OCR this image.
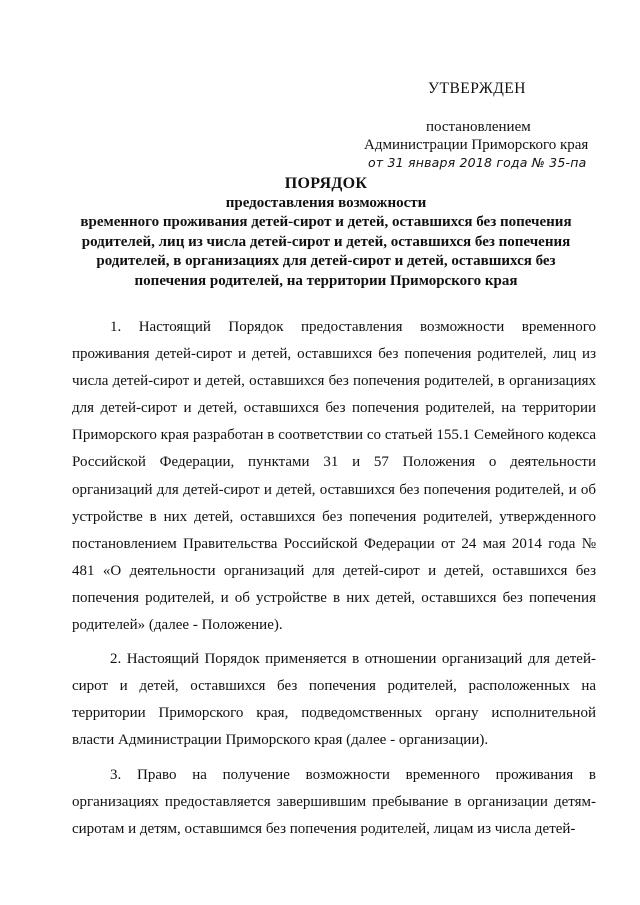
УТВЕРЖДЕН
постановлением
Администрации Приморского края
от 31 января 2018 года № 35-па
ПОРЯДОК
предоставления возможности
временного проживания детей-сирот и детей, оставшихся без попечения
родителей, лиц из числа детей-сирот и детей, оставшихся без попечения
родителей, в организациях для детей-сирот и детей, оставшихся без
попечения родителей, на территории Приморского края

1. Настоящий Порядок предоставления возможности временного проживания детей-сирот и детей, оставшихся без попечения родителей, лиц из числа детей-сирот и детей, оставшихся без попечения родителей, в организациях для детей-сирот и детей, оставшихся без попечения родителей, на территории Приморского края разработан в соответствии со статьей 155.1 Семейного кодекса Российской Федерации, пунктами 31 и 57 Положения о деятельности организаций для детей-сирот и детей, оставшихся без попечения родителей, и об устройстве в них детей, оставшихся без попечения родителей, утвержденного постановлением Правительства Российской Федерации от 24 мая 2014 года № 481 «О деятельности организаций для детей-сирот и детей, оставшихся без попечения родителей, и об устройстве в них детей, оставшихся без попечения родителей» (далее - Положение).

2. Настоящий Порядок применяется в отношении организаций для детей-сирот и детей, оставшихся без попечения родителей, расположенных на территории Приморского края, подведомственных органу исполнительной власти Администрации Приморского края (далее - организации).

3. Право на получение возможности временного проживания в организациях предоставляется завершившим пребывание в организации детям-сиротам и детям, оставшимся без попечения родителей, лицам из числа детей-
